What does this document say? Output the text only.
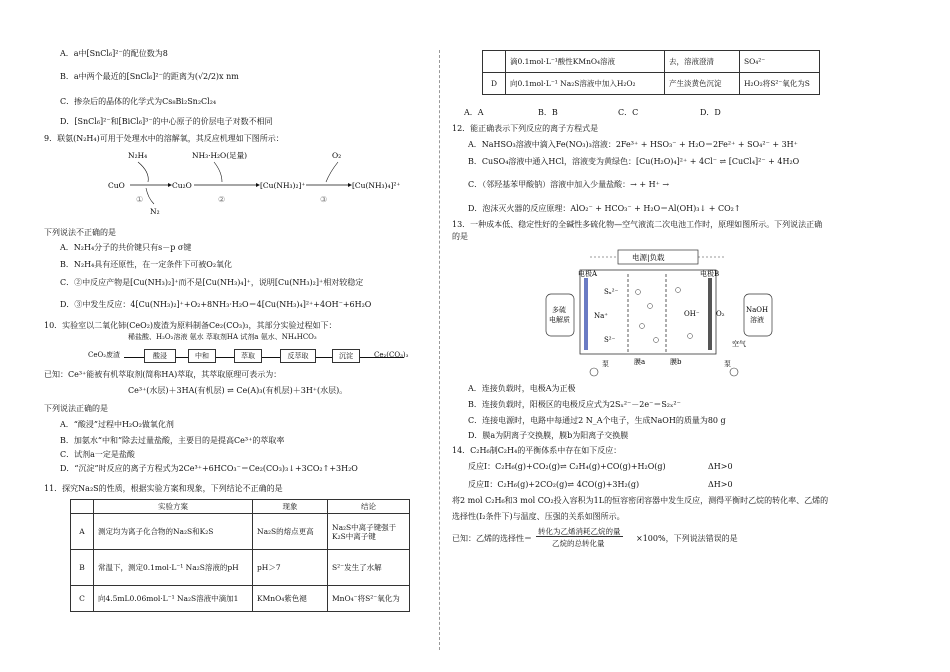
A．a中[SnCl₆]²⁻的配位数为8
B．a中两个最近的[SnCl₆]²⁻的距离为(√2/2)x nm
C．掺杂后的晶体的化学式为Cs₈Bi₂Sn₂Cl₂₄
D．[SnCl₆]²⁻和[BiCl₆]³⁻的中心原子的价层电子对数不相同
9．联氨(N₂H₄)可用于处理水中的溶解氧，其反应机理如下图所示：
N₂H₄	NH₃·H₂O(足量)	O₂
CuO	Cu₂O	[Cu(NH₃)₂]⁺	[Cu(NH₃)₄]²⁺
N₂
①	②	③
下列说法不正确的是
A．N₂H₄分子的共价键只有s－p σ键
B．N₂H₄具有还原性，在一定条件下可被O₂氧化
C．②中反应产物是[Cu(NH₃)₂]⁺而不是[Cu(NH₃)₄]⁺，说明[Cu(NH₃)₂]⁺相对较稳定
D．③中发生反应：4[Cu(NH₃)₂]⁺+O₂+8NH₃·H₂O＝4[Cu(NH₃)₄]²⁺+4OH⁻+6H₂O
10．实验室以二氧化铈(CeO₂)废渣为原料制备Ce₂(CO₃)₃，其部分实验过程如下：
稀盐酸、H₂O₂溶液 氨水 萃取剂HA 试剂a 氨水、NH₄HCO₃
CeO₂废渣	酸浸	中和	萃取	反萃取	沉淀	Ce₂(CO₃)₃
已知：Ce³⁺能被有机萃取剂(简称HA)萃取，其萃取原理可表示为：
Ce³⁺(水层)＋3HA(有机层) ⇌ Ce(A)₃(有机层)＋3H⁺(水层)。
下列说法正确的是
A．“酸浸”过程中H₂O₂做氧化剂
B．加氨水“中和”除去过量盐酸，主要目的是提高Ce³⁺的萃取率
C．试剂a一定是盐酸
D．“沉淀”时反应的离子方程式为2Ce³⁺+6HCO₃⁻＝Ce₂(CO₃)₃↓+3CO₂↑+3H₂O
11．探究Na₂S的性质，根据实验方案和现象，下列结论不正确的是
	实验方案	现象	结论
A	测定均为离子化合物的Na₂S和K₂S	Na₂S的熔点更高	Na₂S中离子键强于K₂S中离子键
B	常温下，测定0.1mol·L⁻¹ Na₂S溶液的pH	pH＞7	S²⁻发生了水解
C	向4.5mL0.06mol·L⁻¹ Na₂S溶液中滴加1	KMnO₄紫色褪	MnO₄⁻将S²⁻氧化为
	滴0.1mol·L⁻¹酸性KMnO₄溶液	去，溶液澄清	SO₄²⁻
D	向0.1mol·L⁻¹ Na₂S溶液中加入H₂O₂	产生淡黄色沉淀	H₂O₂将S²⁻氧化为S
A．A	B．B	C．C	D．D
12．能正确表示下列反应的离子方程式是
A．NaHSO₃溶液中滴入Fe(NO₃)₃溶液：2Fe³⁺ + HSO₃⁻ + H₂O＝2Fe²⁺ + SO₄²⁻ + 3H⁺
B．CuSO₄溶液中通入HCl，溶液变为黄绿色：[Cu(H₂O)₄]²⁺ + 4Cl⁻ ⇌ [CuCl₄]²⁻ + 4H₂O
C．（邻羟基苯甲酸钠）溶液中加入少量盐酸：→ + H⁺ →
D．泡沫灭火器的反应原理：AlO₂⁻ + HCO₃⁻ + H₂O＝Al(OH)₃↓ + CO₂↑
13．一种成本低、稳定性好的全碱性多硫化物—空气液流二次电池工作时，原理如图所示。下列说法正确
的是
电源|负载
电极A	电极B
Sₓ²⁻
Na⁺
S²⁻
OH⁻ O₂
多硫
电解质
NaOH
溶液
膜a	膜b
泵	泵
空气
A．连接负载时，电极A为正极
B．连接负载时，阳极区的电极反应式为2Sₓ²⁻－2e⁻＝S₂ₓ²⁻
C．连接电源时，电路中每通过2 N_A个电子，生成NaOH的质量为80 g
D．膜a为阴离子交换膜，膜b为阳离子交换膜
14．C₂H₆制C₂H₄的平衡体系中存在如下反应：
反应Ⅰ：C₂H₆(g)+CO₂(g)⇌ C₂H₄(g)+CO(g)+H₂O(g)	ΔH>0
反应Ⅱ：C₂H₆(g)+2CO₂(g)⇌ 4CO(g)+3H₂(g)	ΔH>0
将2 mol C₂H₆和3 mol CO₂投入容积为1L的恒容密闭容器中发生反应，测得平衡时乙烷的转化率、乙烯的
选择性(Ι₂条件下)与温度、压强的关系如图所示。
已知：乙烯的选择性＝
转化为乙烯消耗乙烷的量
乙烷的总转化量
×100%，下列说法错误的是
